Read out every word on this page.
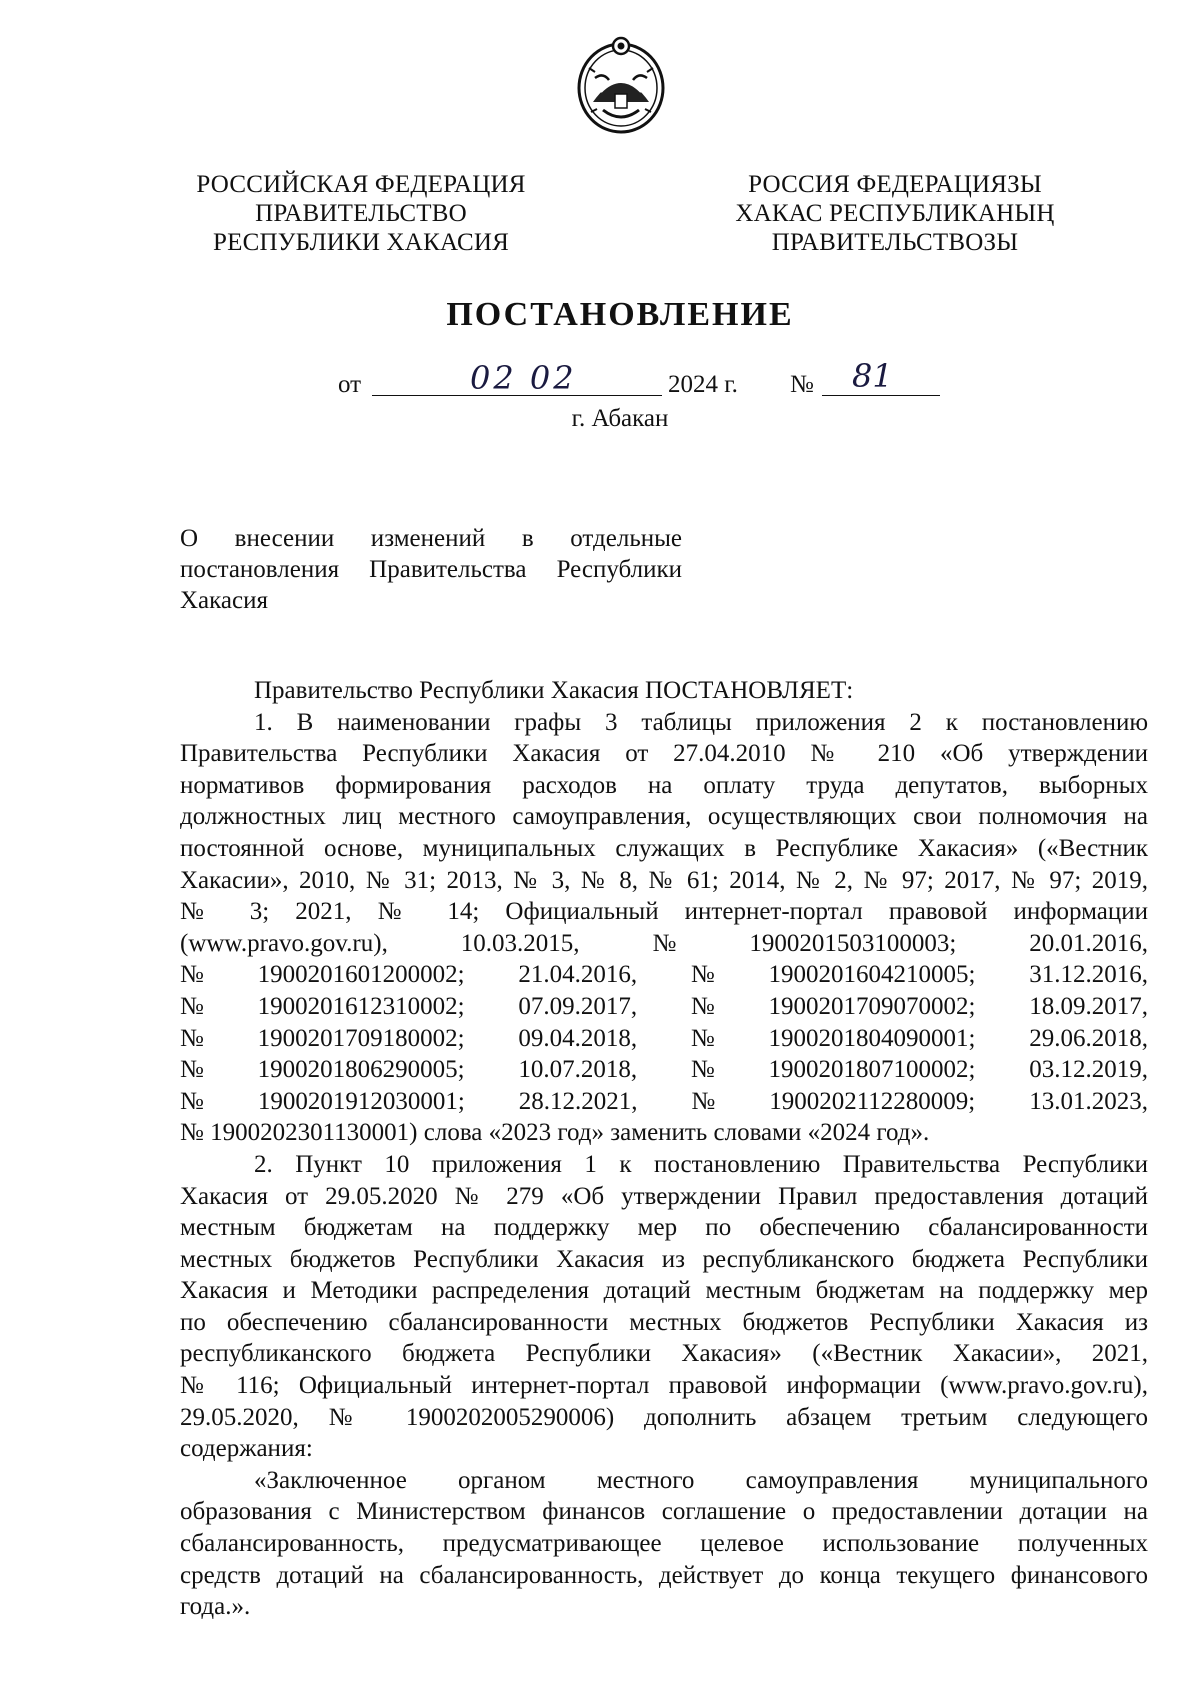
РОССИЙСКАЯ ФЕДЕРАЦИЯ
ПРАВИТЕЛЬСТВО
РЕСПУБЛИКИ ХАКАСИЯ
РОССИЯ ФЕДЕРАЦИЯЗЫ
ХАКАС РЕСПУБЛИКАНЫҢ
ПРАВИТЕЛЬСТВОЗЫ
ПОСТАНОВЛЕНИЕ
от	02 02	2024 г. № 81
г. Абакан
О внесении изменений в отдельные
постановления Правительства Республики
Хакасия
Правительство Республики Хакасия ПОСТАНОВЛЯЕТ:
1. В наименовании графы 3 таблицы приложения 2 к постановлению
Правительства Республики Хакасия от 27.04.2010 № 210 «Об утверждении
нормативов формирования расходов на оплату труда депутатов, выборных
должностных лиц местного самоуправления, осуществляющих свои полномочия на
постоянной основе, муниципальных служащих в Республике Хакасия» («Вестник
Хакасии», 2010, № 31; 2013, № 3, № 8, № 61; 2014, № 2, № 97; 2017, № 97; 2019,
№ 3; 2021, № 14; Официальный интернет-портал правовой информации
(www.pravo.gov.ru),	10.03.2015,	№	1900201503100003;	20.01.2016,
№ 1900201601200002; 21.04.2016, № 1900201604210005; 31.12.2016,
№ 1900201612310002; 07.09.2017, № 1900201709070002; 18.09.2017,
№ 1900201709180002; 09.04.2018, № 1900201804090001; 29.06.2018,
№ 1900201806290005; 10.07.2018, № 1900201807100002; 03.12.2019,
№ 1900201912030001; 28.12.2021, № 1900202112280009; 13.01.2023,
№ 1900202301130001) слова «2023 год» заменить словами «2024 год».
2. Пункт 10 приложения 1 к постановлению Правительства Республики
Хакасия от 29.05.2020 № 279 «Об утверждении Правил предоставления дотаций
местным бюджетам на поддержку мер по обеспечению сбалансированности
местных бюджетов Республики Хакасия из республиканского бюджета Республики
Хакасия и Методики распределения дотаций местным бюджетам на поддержку мер
по обеспечению сбалансированности местных бюджетов Республики Хакасия из
республиканского бюджета Республики Хакасия» («Вестник Хакасии», 2021,
№ 116; Официальный интернет-портал правовой информации (www.pravo.gov.ru),
29.05.2020, № 1900202005290006) дополнить абзацем третьим следующего
содержания:
«Заключенное органом местного самоуправления муниципального
образования с Министерством финансов соглашение о предоставлении дотации на
сбалансированность, предусматривающее целевое использование полученных
средств дотаций на сбалансированность, действует до конца текущего финансового
года.».
